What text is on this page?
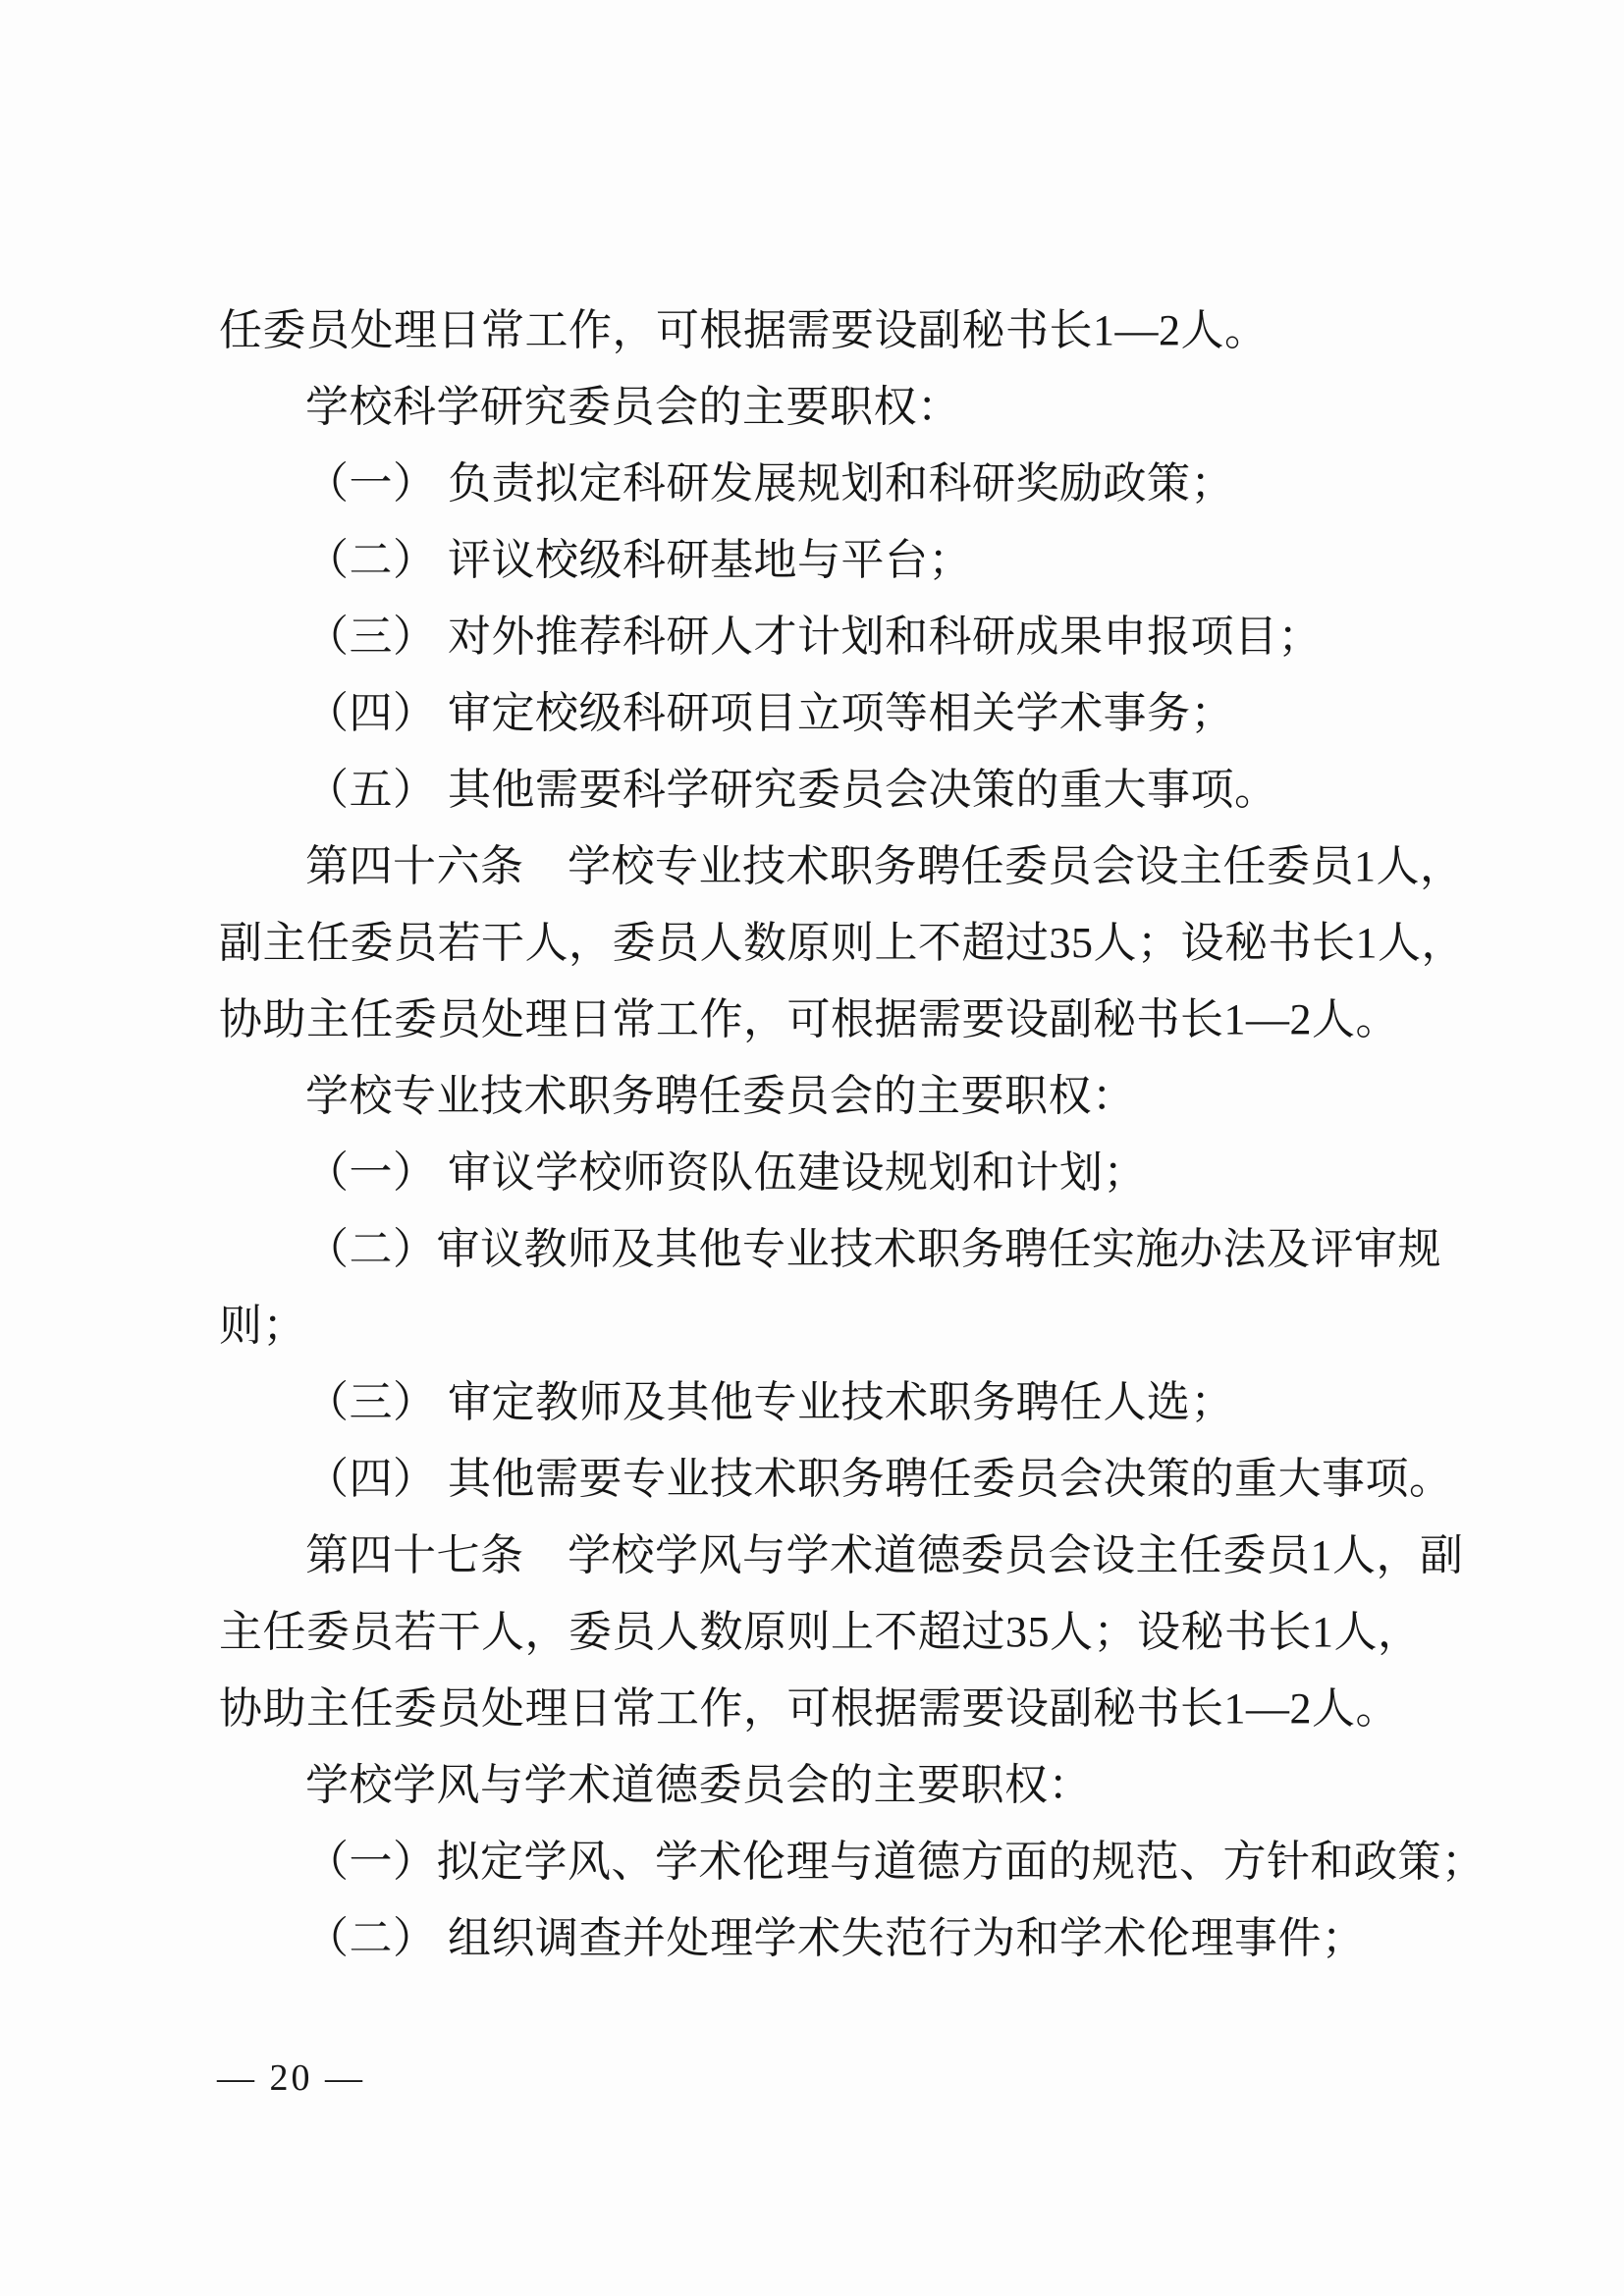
任委员处理日常工作，可根据需要设副秘书长1—2人。
学校科学研究委员会的主要职权：
（一） 负责拟定科研发展规划和科研奖励政策；
（二） 评议校级科研基地与平台；
（三） 对外推荐科研人才计划和科研成果申报项目；
（四） 审定校级科研项目立项等相关学术事务；
（五） 其他需要科学研究委员会决策的重大事项。
第四十六条　学校专业技术职务聘任委员会设主任委员1人，
副主任委员若干人，委员人数原则上不超过35人；设秘书长1人，
协助主任委员处理日常工作，可根据需要设副秘书长1—2人。
学校专业技术职务聘任委员会的主要职权：
（一） 审议学校师资队伍建设规划和计划；
（二）审议教师及其他专业技术职务聘任实施办法及评审规
则；
（三） 审定教师及其他专业技术职务聘任人选；
（四） 其他需要专业技术职务聘任委员会决策的重大事项。
第四十七条　学校学风与学术道德委员会设主任委员1人，副
主任委员若干人，委员人数原则上不超过35人；设秘书长1人，
协助主任委员处理日常工作，可根据需要设副秘书长1—2人。
学校学风与学术道德委员会的主要职权：
（一）拟定学风、学术伦理与道德方面的规范、方针和政策；
（二） 组织调查并处理学术失范行为和学术伦理事件；
— 20 —
